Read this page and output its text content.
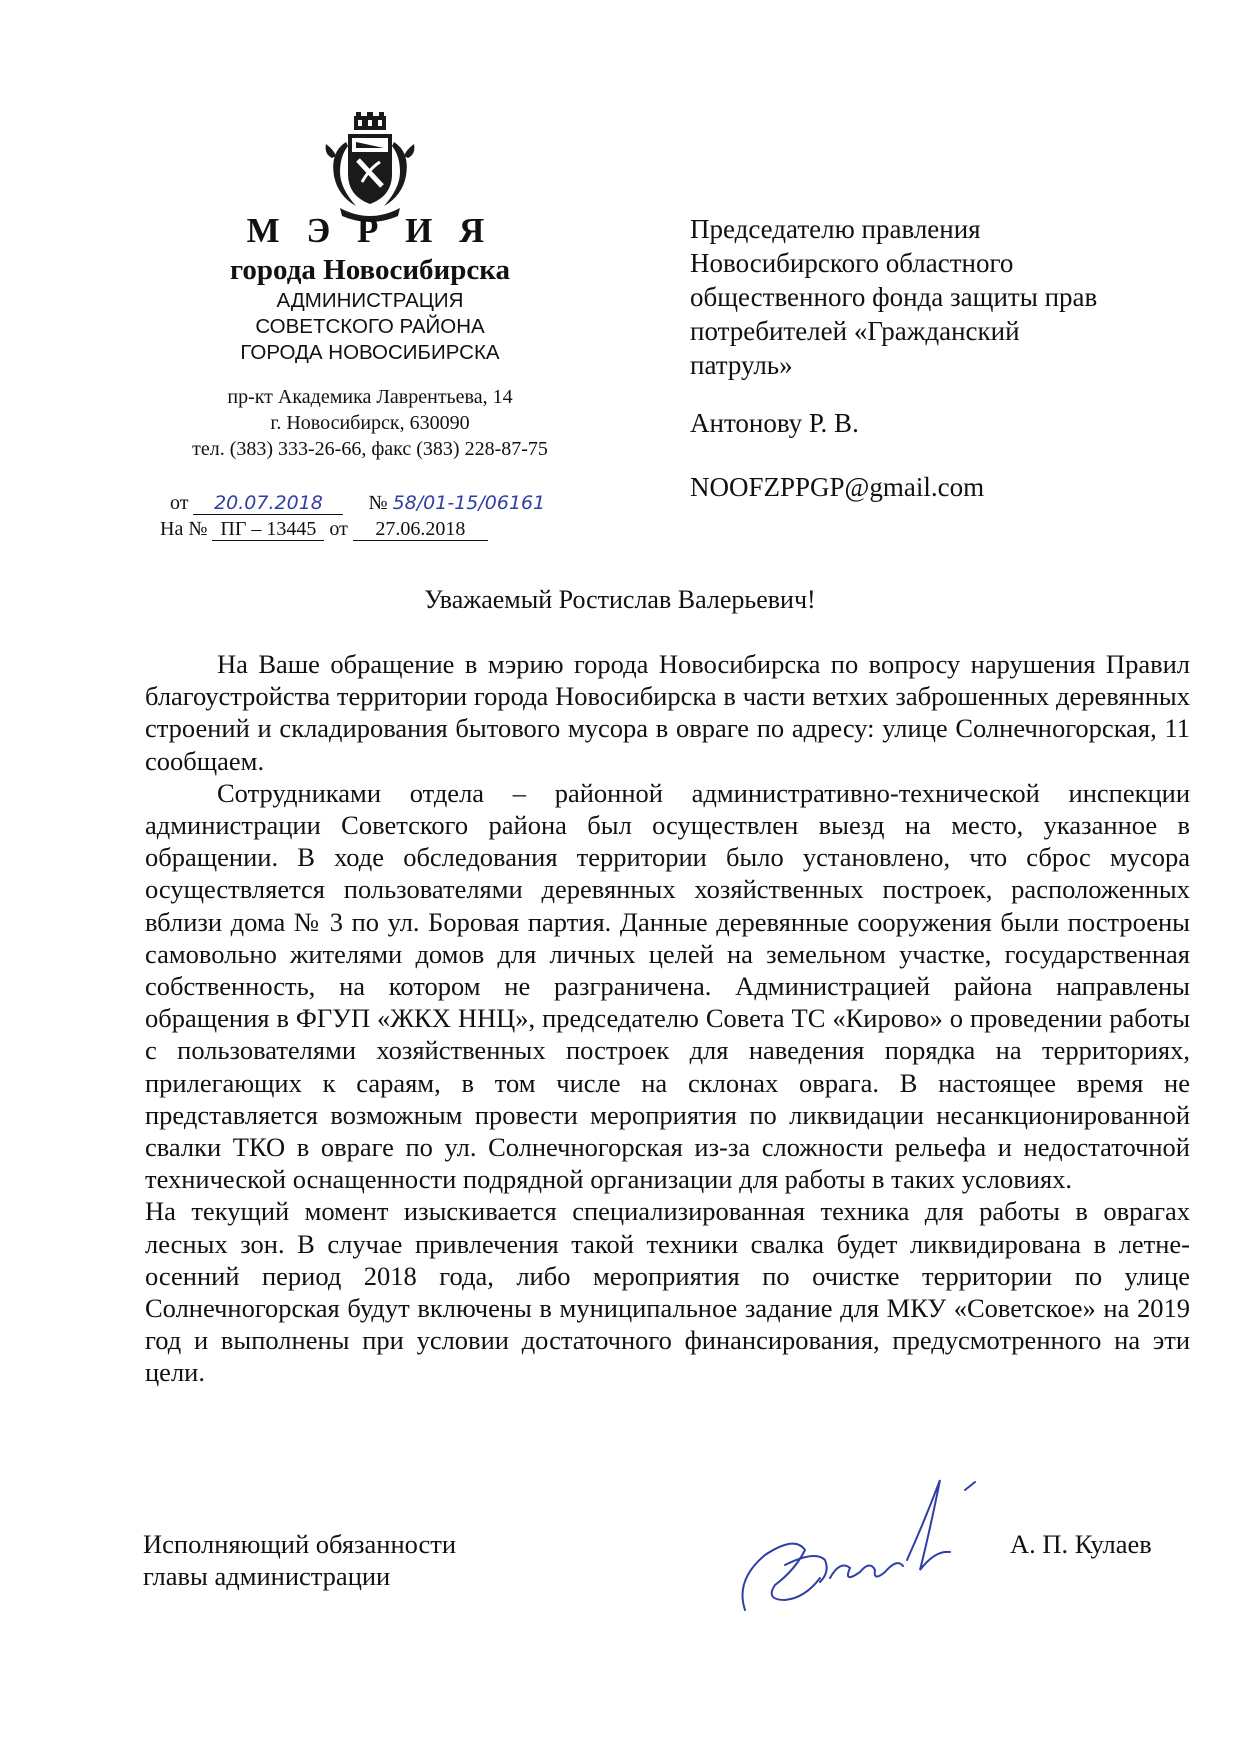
М Э Р И Я

города Новосибирска

АДМИНИСТРАЦИЯ

СОВЕТСКОГО РАЙОНА

ГОРОДА НОВОСИБИРСКА

пр-кт Академика Лаврентьева, 14
г. Новосибирск, 630090
тел. (383) 333-26-66, факс (383) 228-87-75
от 20.07.2018 № 58/01-15/06161
На № ПГ – 13445 от 27.06.2018

Председателю правления

Новосибирского областного

общественного фонда защиты прав

потребителей «Гражданский

патруль»

Антонову Р. В.

NOOFZPPGP@gmail.com

Уважаемый Ростислав Валерьевич!

На Ваше обращение в мэрию города Новосибирска по вопросу нарушения Правил благоустройства территории города Новосибирска в части ветхих заброшенных деревянных строений и складирования бытового мусора в овраге по адресу: улице Солнечногорская, 11 сообщаем.

Сотрудниками отдела – районной административно-технической инспекции администрации Советского района был осуществлен выезд на место, указанное в обращении. В ходе обследования территории было установлено, что сброс мусора осуществляется пользователями деревянных хозяйственных построек, расположенных вблизи дома № 3 по ул. Боровая партия. Данные деревянные сооружения были построены самовольно жителями домов для личных целей на земельном участке, государственная собственность, на котором не разграничена. Администрацией района направлены обращения в ФГУП «ЖКХ ННЦ», председателю Совета ТС «Кирово» о проведении работы с пользователями хозяйственных построек для наведения порядка на территориях, прилегающих к сараям, в том числе на склонах оврага. В настоящее время не представляется возможным провести мероприятия по ликвидации несанкционированной свалки ТКО в овраге по ул. Солнечногорская из-за сложности рельефа и недостаточной технической оснащенности подрядной организации для работы в таких условиях.

На текущий момент изыскивается специализированная техника для работы в оврагах лесных зон. В случае привлечения такой техники свалка будет ликвидирована в летне-осенний период 2018 года, либо мероприятия по очистке территории по улице Солнечногорская будут включены в муниципальное задание для МКУ «Советское» на 2019 год и выполнены при условии достаточного финансирования, предусмотренного на эти цели.

Исполняющий обязанности
главы администрации
А. П. Кулаев
